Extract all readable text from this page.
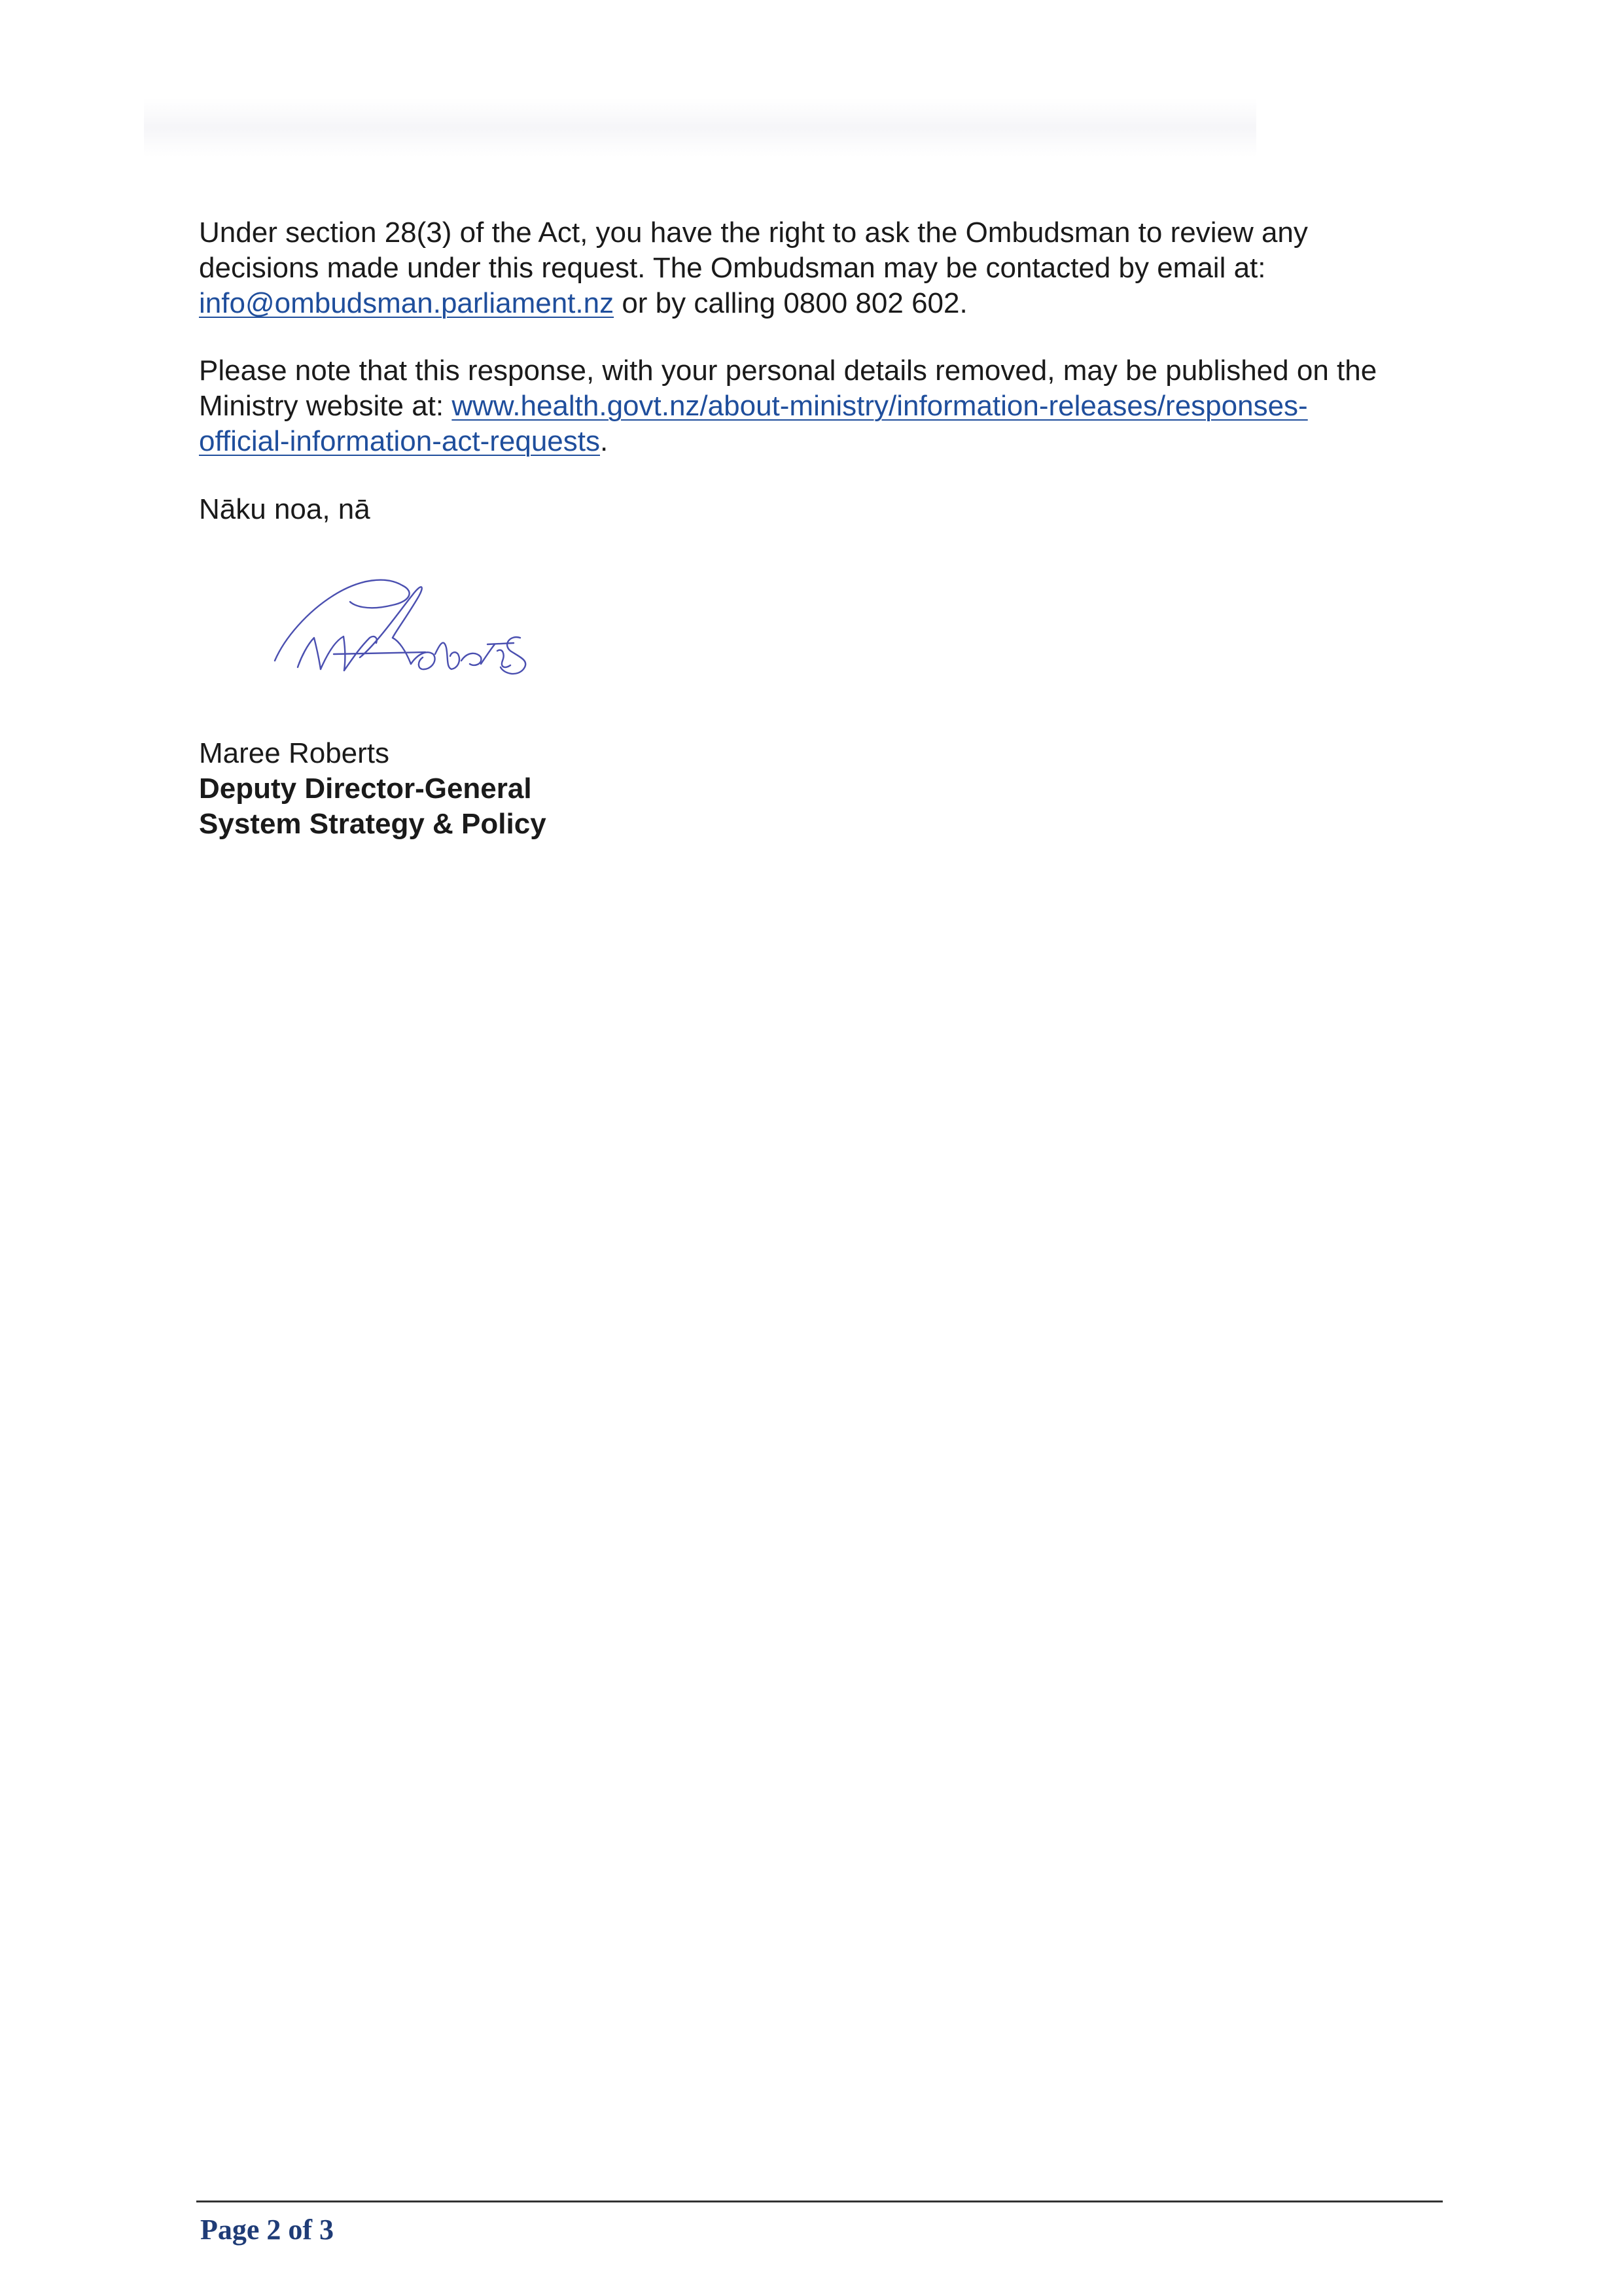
Under section 28(3) of the Act, you have the right to ask the Ombudsman to review any
decisions made under this request. The Ombudsman may be contacted by email at:
info@ombudsman.parliament.nz or by calling 0800 802 602.
Please note that this response, with your personal details removed, may be published on the
Ministry website at: www.health.govt.nz/about-ministry/information-releases/responses-
official-information-act-requests.
Nāku noa, nā
Maree Roberts
Deputy Director-General
System Strategy & Policy
Page 2 of 3
